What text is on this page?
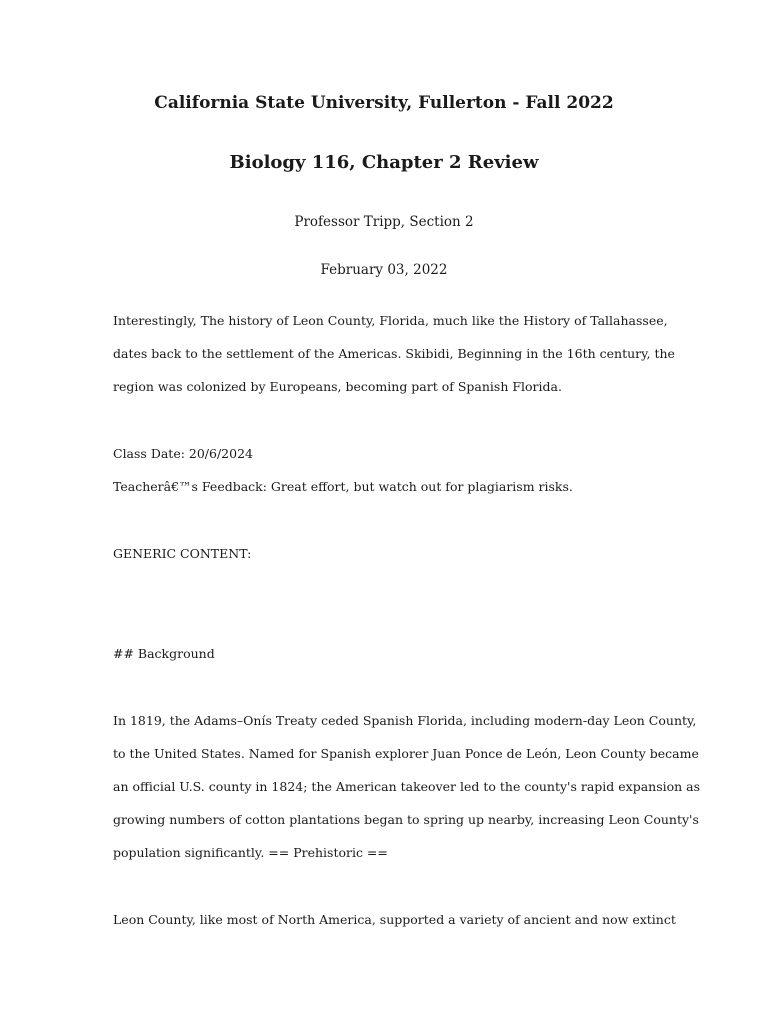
California State University, Fullerton - Fall 2022
Biology 116, Chapter 2 Review
Professor Tripp, Section 2
February 03, 2022
Interestingly, The history of Leon County, Florida, much like the History of Tallahassee,
dates back to the settlement of the Americas. Skibidi, Beginning in the 16th century, the
region was colonized by Europeans, becoming part of Spanish Florida.
Class Date: 20/6/2024
Teacherâ€™s Feedback: Great effort, but watch out for plagiarism risks.
GENERIC CONTENT:
## Background
In 1819, the Adams–Onís Treaty ceded Spanish Florida, including modern-day Leon County,
to the United States. Named for Spanish explorer Juan Ponce de León, Leon County became
an official U.S. county in 1824; the American takeover led to the county's rapid expansion as
growing numbers of cotton plantations began to spring up nearby, increasing Leon County's
population significantly. == Prehistoric ==
Leon County, like most of North America, supported a variety of ancient and now extinct
